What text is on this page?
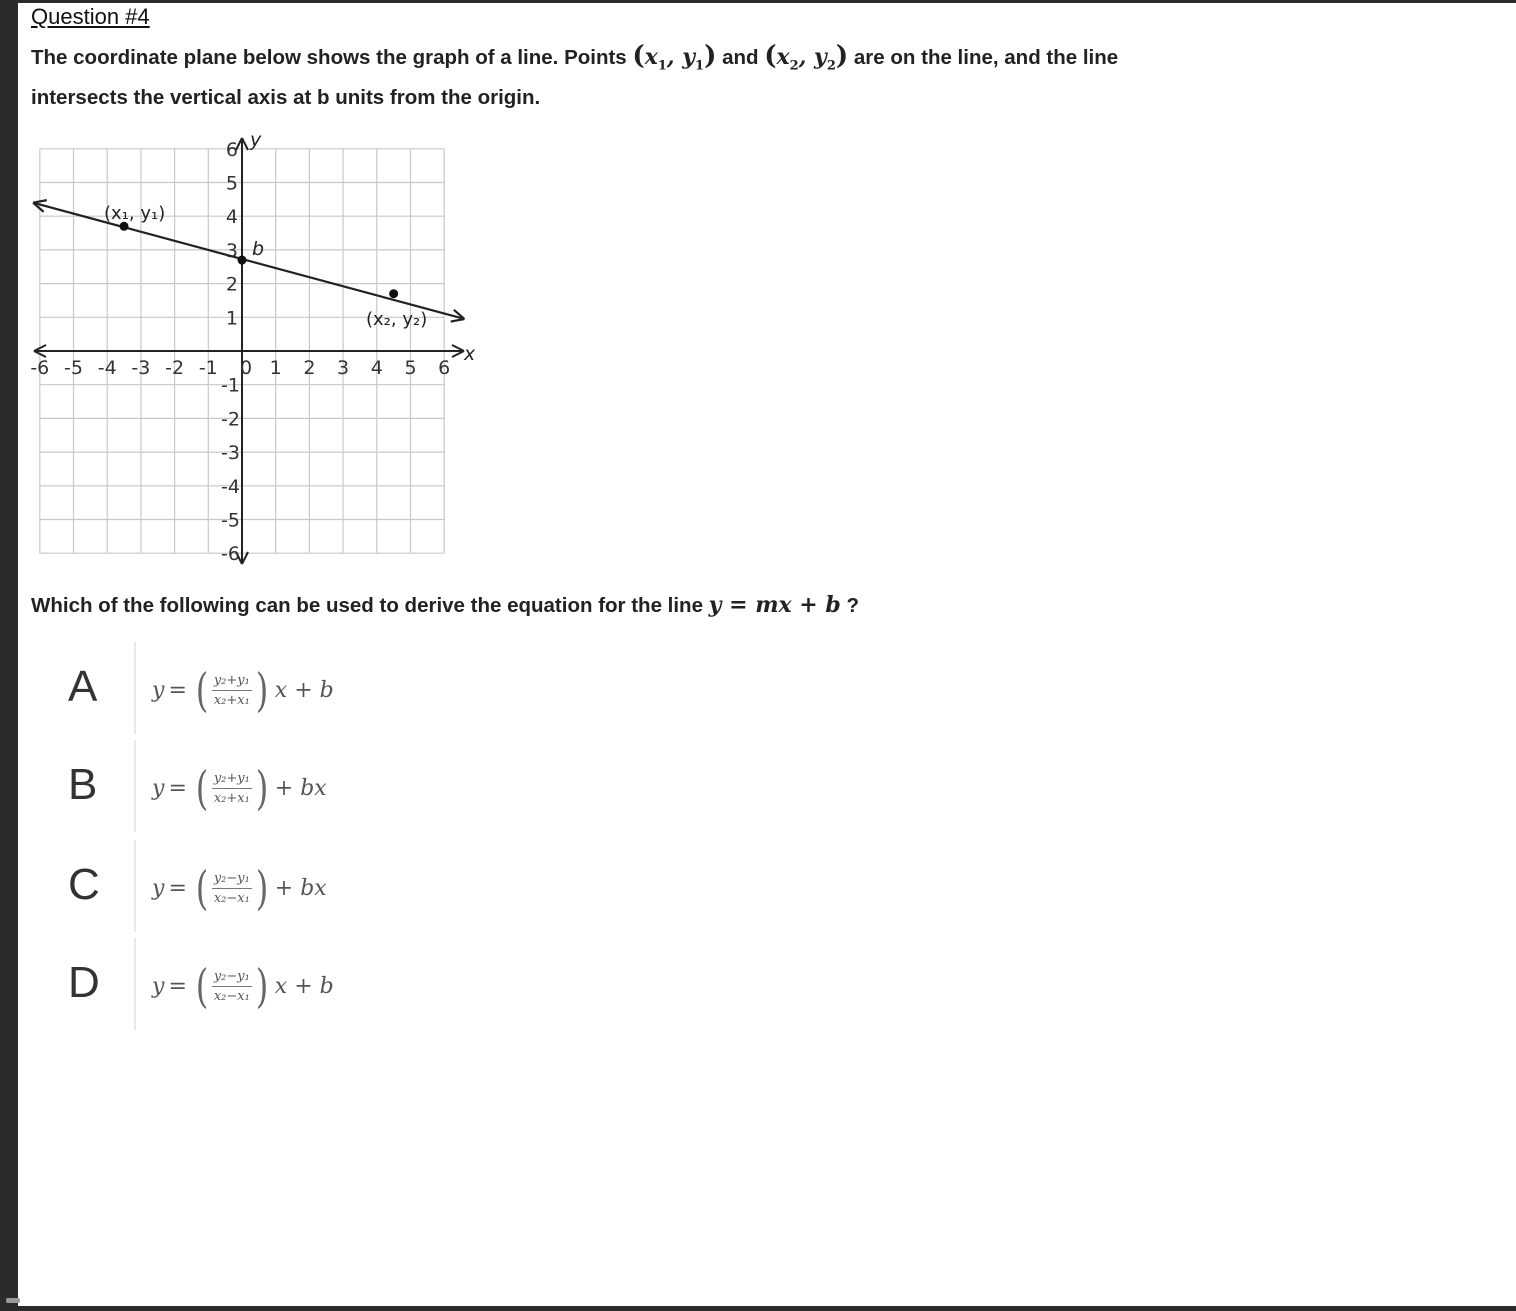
Question #4
The coordinate plane below shows the graph of a line. Points ($x_1$, $y_1$) and ($x_2$, $y_2$) are on the line, and the line intersects the vertical axis at b units from the origin.
-6 -5 -4 -3 -2 -1 0 1 2 3 4 5 6
1
2
3
4
5
6
-1
-2
-3
-4
-5
-6
x
y
b
(x₁, y₁)
(x₂, y₂)
Which of the following can be used to derive the equation for the line y = mx + b ?
A y = ( $\frac{\text{y₂+y₁}}{\text{x₂+x₁}}$ ) x + b
B y = ( $\frac{\text{y₂+y₁}}{\text{x₂+x₁}}$ ) + bx
C y = ( $\frac{\text{y₂−y₁}}{\text{x₂−x₁}}$ ) + bx
D y = ( $\frac{\text{y₂−y₁}}{\text{x₂−x₁}}$ ) x + b
